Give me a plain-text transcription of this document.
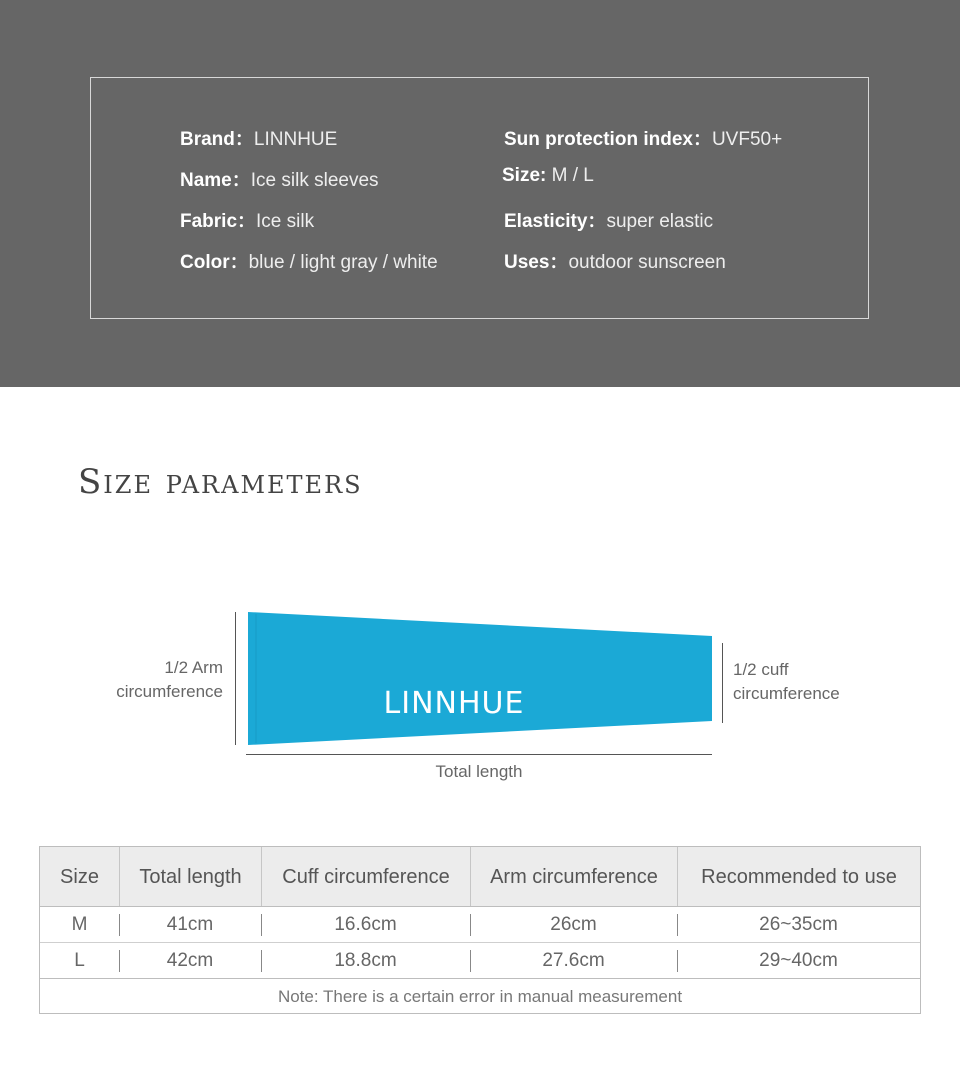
Brand：LINNHUE
Name：Ice silk sleeves
Fabric：Ice silk
Color：blue / light gray / white
Sun protection index：UVF50+
Size: M / L
Elasticity：super elastic
Uses：outdoor sunscreen
Size parameters
1/2 Arm
circumference	LINNHUE
1/2 cuff
circumference
Total length
Size	Total length	Cuff circumference	Arm circumference	Recommended to use
M	41cm	16.6cm	26cm	26~35cm
L	42cm	18.8cm	27.6cm	29~40cm
Note: There is a certain error in manual measurement
